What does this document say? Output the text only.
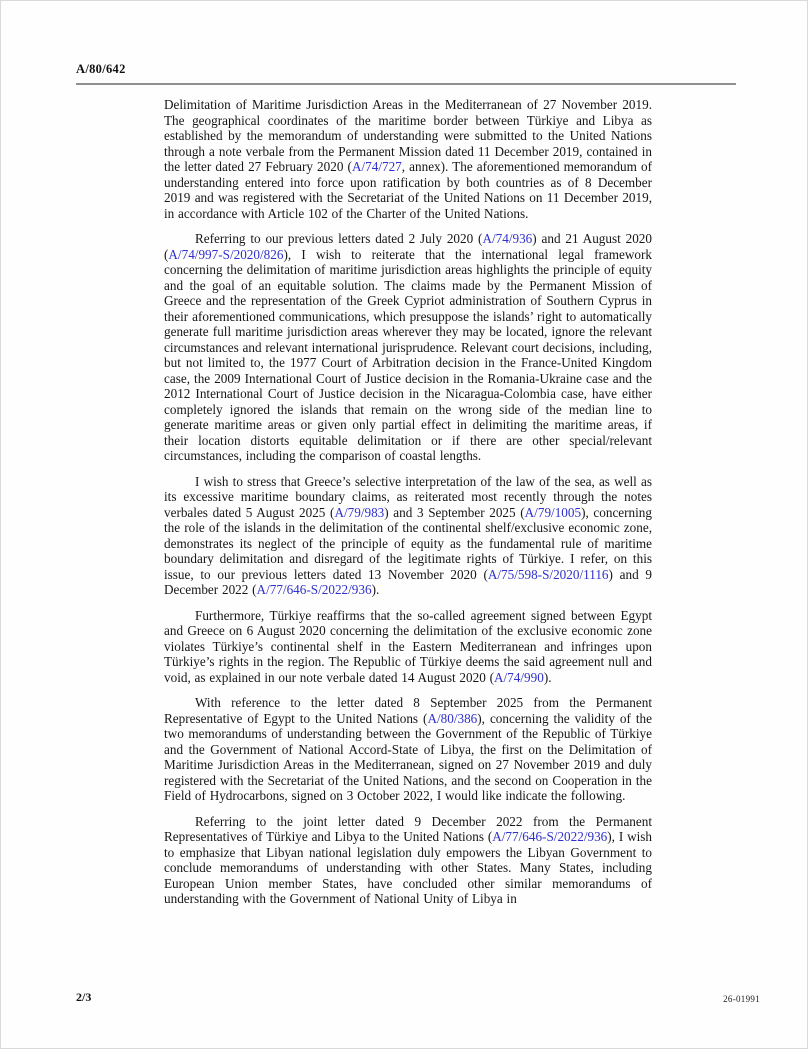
A/80/642

Delimitation of Maritime Jurisdiction Areas in the Mediterranean of 27 November 2019. The geographical coordinates of the maritime border between Türkiye and Libya as established by the memorandum of understanding were submitted to the United Nations through a note verbale from the Permanent Mission dated 11 December 2019, contained in the letter dated 27 February 2020 (A/74/727, annex). The aforementioned memorandum of understanding entered into force upon ratification by both countries as of 8 December 2019 and was registered with the Secretariat of the United Nations on 11 December 2019, in accordance with Article 102 of the Charter of the United Nations.

Referring to our previous letters dated 2 July 2020 (A/74/936) and 21 August 2020 (A/74/997-S/2020/826), I wish to reiterate that the international legal framework concerning the delimitation of maritime jurisdiction areas highlights the principle of equity and the goal of an equitable solution. The claims made by the Permanent Mission of Greece and the representation of the Greek Cypriot administration of Southern Cyprus in their aforementioned communications, which presuppose the islands’ right to automatically generate full maritime jurisdiction areas wherever they may be located, ignore the relevant circumstances and relevant international jurisprudence. Relevant court decisions, including, but not limited to, the 1977 Court of Arbitration decision in the France-United Kingdom case, the 2009 International Court of Justice decision in the Romania-Ukraine case and the 2012 International Court of Justice decision in the Nicaragua-Colombia case, have either completely ignored the islands that remain on the wrong side of the median line to generate maritime areas or given only partial effect in delimiting the maritime areas, if their location distorts equitable delimitation or if there are other special/relevant circumstances, including the comparison of coastal lengths.

I wish to stress that Greece’s selective interpretation of the law of the sea, as well as its excessive maritime boundary claims, as reiterated most recently through the notes verbales dated 5 August 2025 (A/79/983) and 3 September 2025 (A/79/1005), concerning the role of the islands in the delimitation of the continental shelf/exclusive economic zone, demonstrates its neglect of the principle of equity as the fundamental rule of maritime boundary delimitation and disregard of the legitimate rights of Türkiye. I refer, on this issue, to our previous letters dated 13 November 2020 (A/75/598-S/2020/1116) and 9 December 2022 (A/77/646-S/2022/936).

Furthermore, Türkiye reaffirms that the so-called agreement signed between Egypt and Greece on 6 August 2020 concerning the delimitation of the exclusive economic zone violates Türkiye’s continental shelf in the Eastern Mediterranean and infringes upon Türkiye’s rights in the region. The Republic of Türkiye deems the said agreement null and void, as explained in our note verbale dated 14 August 2020 (A/74/990).

With reference to the letter dated 8 September 2025 from the Permanent Representative of Egypt to the United Nations (A/80/386), concerning the validity of the two memorandums of understanding between the Government of the Republic of Türkiye and the Government of National Accord-State of Libya, the first on the Delimitation of Maritime Jurisdiction Areas in the Mediterranean, signed on 27 November 2019 and duly registered with the Secretariat of the United Nations, and the second on Cooperation in the Field of Hydrocarbons, signed on 3 October 2022, I would like indicate the following.

Referring to the joint letter dated 9 December 2022 from the Permanent Representatives of Türkiye and Libya to the United Nations (A/77/646-S/2022/936), I wish to emphasize that Libyan national legislation duly empowers the Libyan Government to conclude memorandums of understanding with other States. Many States, including European Union member States, have concluded other similar memorandums of understanding with the Government of National Unity of Libya in

2/3	26-01991
